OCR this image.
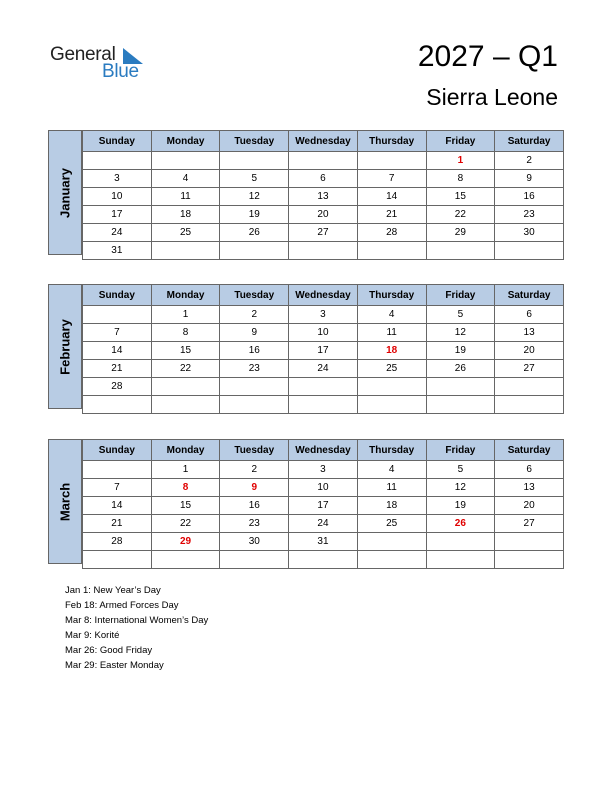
General
Blue	2027 – Q1
Sierra Leone
January
Sunday	Monday	Tuesday	Wednesday	Thursday	Friday	Saturday
					1	2
3	4	5	6	7	8	9
10	11	12	13	14	15	16
17	18	19	20	21	22	23
24	25	26	27	28	29	30
31						
February
Sunday	Monday	Tuesday	Wednesday	Thursday	Friday	Saturday
	1	2	3	4	5	6
7	8	9	10	11	12	13
14	15	16	17	18	19	20
21	22	23	24	25	26	27
28						

March
Sunday	Monday	Tuesday	Wednesday	Thursday	Friday	Saturday
	1	2	3	4	5	6
7	8	9	10	11	12	13
14	15	16	17	18	19	20
21	22	23	24	25	26	27
28	29	30	31			

Jan 1: New Year’s Day
Feb 18: Armed Forces Day
Mar 8: International Women’s Day
Mar 9: Korité
Mar 26: Good Friday
Mar 29: Easter Monday
